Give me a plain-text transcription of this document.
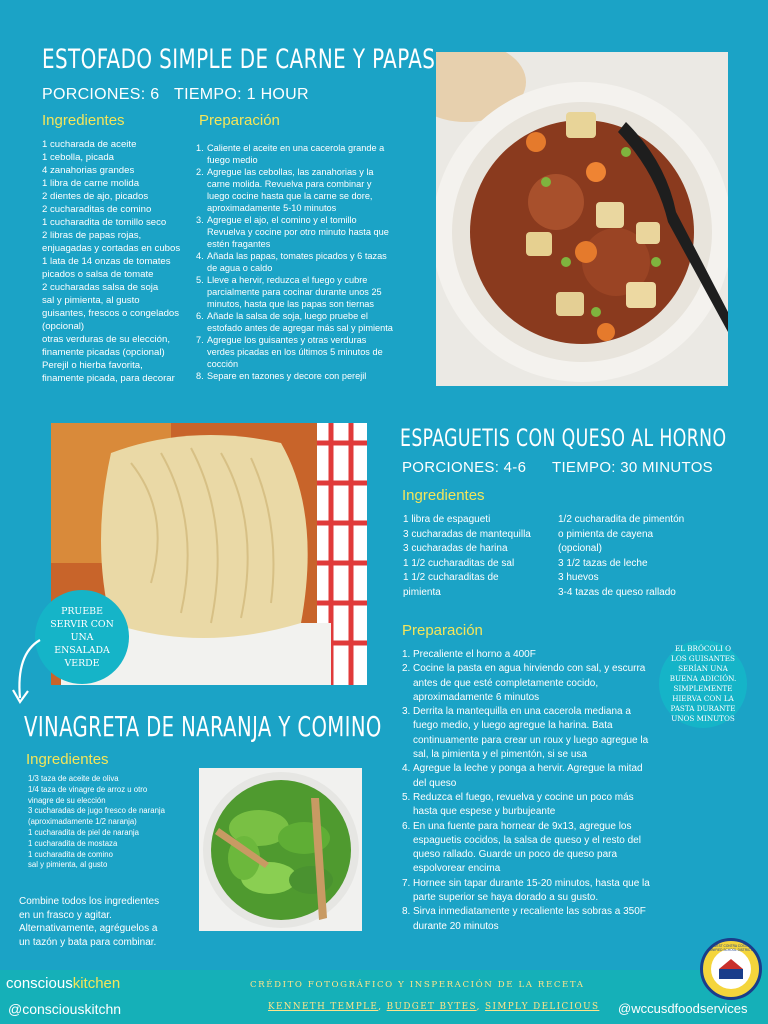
ESTOFADO SIMPLE DE CARNE Y PAPAS
PORCIONES: 6 TIEMPO: 1 HOUR
Ingredientes
1 cucharada de aceite
1 cebolla, picada
4 zanahorias grandes
1 libra de carne molida
2 dientes de ajo, picados
2 cucharaditas de comino
1 cucharadita de tomillo seco
2 libras de papas rojas, enjuagadas y cortadas en cubos
1 lata de 14 onzas de tomates picados o salsa de tomate
2 cucharadas salsa de soja
sal y pimienta, al gusto
guisantes, frescos o congelados (opcional)
otras verduras de su elección, finamente picadas (opcional)
Perejil o hierba favorita, finamente picada, para decorar
Preparación
1. Caliente el aceite en una cacerola grande a fuego medio
2. Agregue las cebollas, las zanahorias y la carne molida. Revuelva para combinar y luego cocine hasta que la carne se dore, aproximadamente 5-10 minutos
3. Agregue el ajo, el comino y el tomillo Revuelva y cocine por otro minuto hasta que estén fragantes
4. Añada las papas, tomates picados y 6 tazas de agua o caldo
5. Lleve a hervir, reduzca el fuego y cubre parcialmente para cocinar durante unos 25 minutos, hasta que las papas son tiernas
6. Añade la salsa de soja, luego pruebe el estofado antes de agregar más sal y pimienta
7. Agregue los guisantes y otras verduras verdes picadas en los últimos 5 minutos de cocción
8. Separe en tazones y decore con perejil
PRUEBE SERVIR CON UNA ENSALADA VERDE
ESPAGUETIS CON QUESO AL HORNO
PORCIONES: 4-6 TIEMPO: 30 MINUTOS
Ingredientes
1 libra de espagueti
3 cucharadas de mantequilla
3 cucharadas de harina
1 1/2 cucharaditas de sal
1 1/2 cucharaditas de pimienta
1/2 cucharadita de pimentón o pimienta de cayena (opcional)
3 1/2 tazas de leche
3 huevos
3-4 tazas de queso rallado
Preparación
1. Precaliente el horno a 400F
2. Cocine la pasta en agua hirviendo con sal, y escurra antes de que esté completamente cocido, aproximadamente 6 minutos
3. Derrita la mantequilla en una cacerola mediana a fuego medio, y luego agregue la harina. Bata continuamente para crear un roux y luego agregue la sal, la pimienta y el pimentón, si se usa
4. Agregue la leche y ponga a hervir. Agregue la mitad del queso
5. Reduzca el fuego, revuelva y cocine un poco más hasta que espese y burbujeante
6. En una fuente para hornear de 9x13, agregue los espaguetis cocidos, la salsa de queso y el resto del queso rallado. Guarde un poco de queso para espolvorear encima
7. Hornee sin tapar durante 15-20 minutos, hasta que la parte superior se haya dorado a su gusto.
8. Sirva inmediatamente y recaliente las sobras a 350F durante 20 minutos
EL BRÓCOLI O LOS GUISANTES SERÍAN UNA BUENA ADICIÓN. SIMPLEMENTE HIERVA CON LA PASTA DURANTE UNOS MINUTOS
VINAGRETA DE NARANJA Y COMINO
Ingredientes
1/3 taza de aceite de oliva
1/4 taza de vinagre de arroz u otro vinagre de su elección
3 cucharadas de jugo fresco de naranja (aproximadamente 1/2 naranja)
1 cucharadita de piel de naranja
1 cucharadita de mostaza
1 cucharadita de comino
sal y pimienta, al gusto
Combine todos los ingredientes en un frasco y agitar. Alternativamente, agréguelos a un tazón y bata para combinar.
consciouskitchen
@consciouskitchn
CRÉDITO FOTOGRÁFICO Y INSPERACIÓN DE LA RECETA
KENNETH TEMPLE, BUDGET BYTES, SIMPLY DELICIOUS @wccusdfoodservices
WEST CONTRA COSTA UNIFIED SCHOOL DISTRICT
